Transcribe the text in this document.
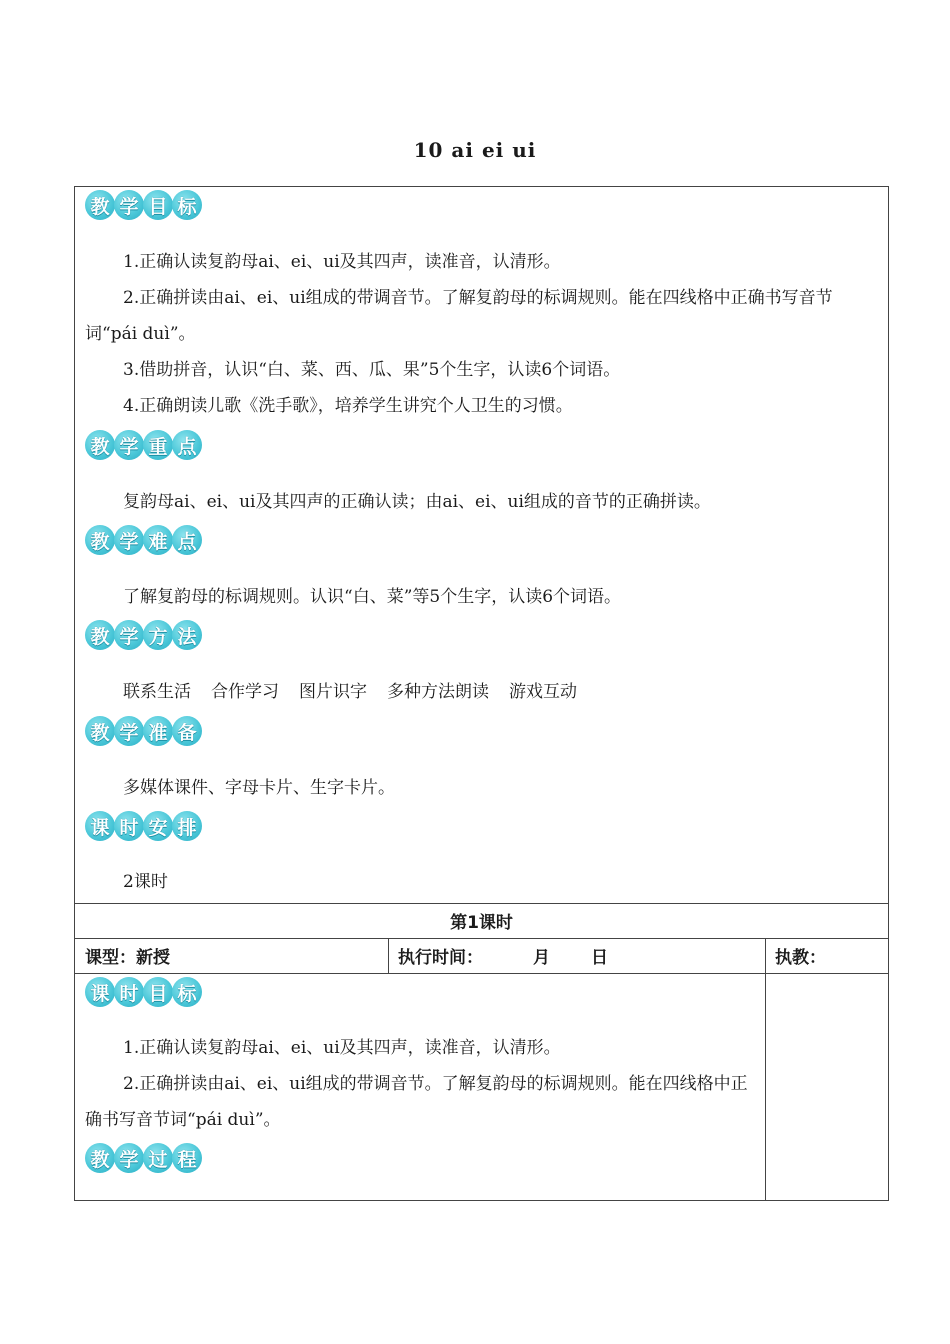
10 ai ei ui
教 学 目 标
1.正确认读复韵母ai、ei、ui及其四声，读准音，认清形。
2.正确拼读由ai、ei、ui组成的带调音节。了解复韵母的标调规则。能在四线格中正确书写音节词“pái duì”。
3.借助拼音，认识“白、菜、西、瓜、果”5个生字，认读6个词语。
4.正确朗读儿歌《洗手歌》，培养学生讲究个人卫生的习惯。
教 学 重 点
复韵母ai、ei、ui及其四声的正确认读；由ai、ei、ui组成的音节的正确拼读。
教 学 难 点
了解复韵母的标调规则。认识“白、菜”等5个生字，认读6个词语。
教 学 方 法
联系生活 合作学习 图片识字 多种方法朗读 游戏互动
教 学 准 备
多媒体课件、字母卡片、生字卡片。
课 时 安 排
2课时
第1课时
课型：新授	执行时间：	月 日	执教：
课 时 目 标
1.正确认读复韵母ai、ei、ui及其四声，读准音，认清形。
2.正确拼读由ai、ei、ui组成的带调音节。了解复韵母的标调规则。能在四线格中正确书写音节词“pái duì”。
教 学 过 程
